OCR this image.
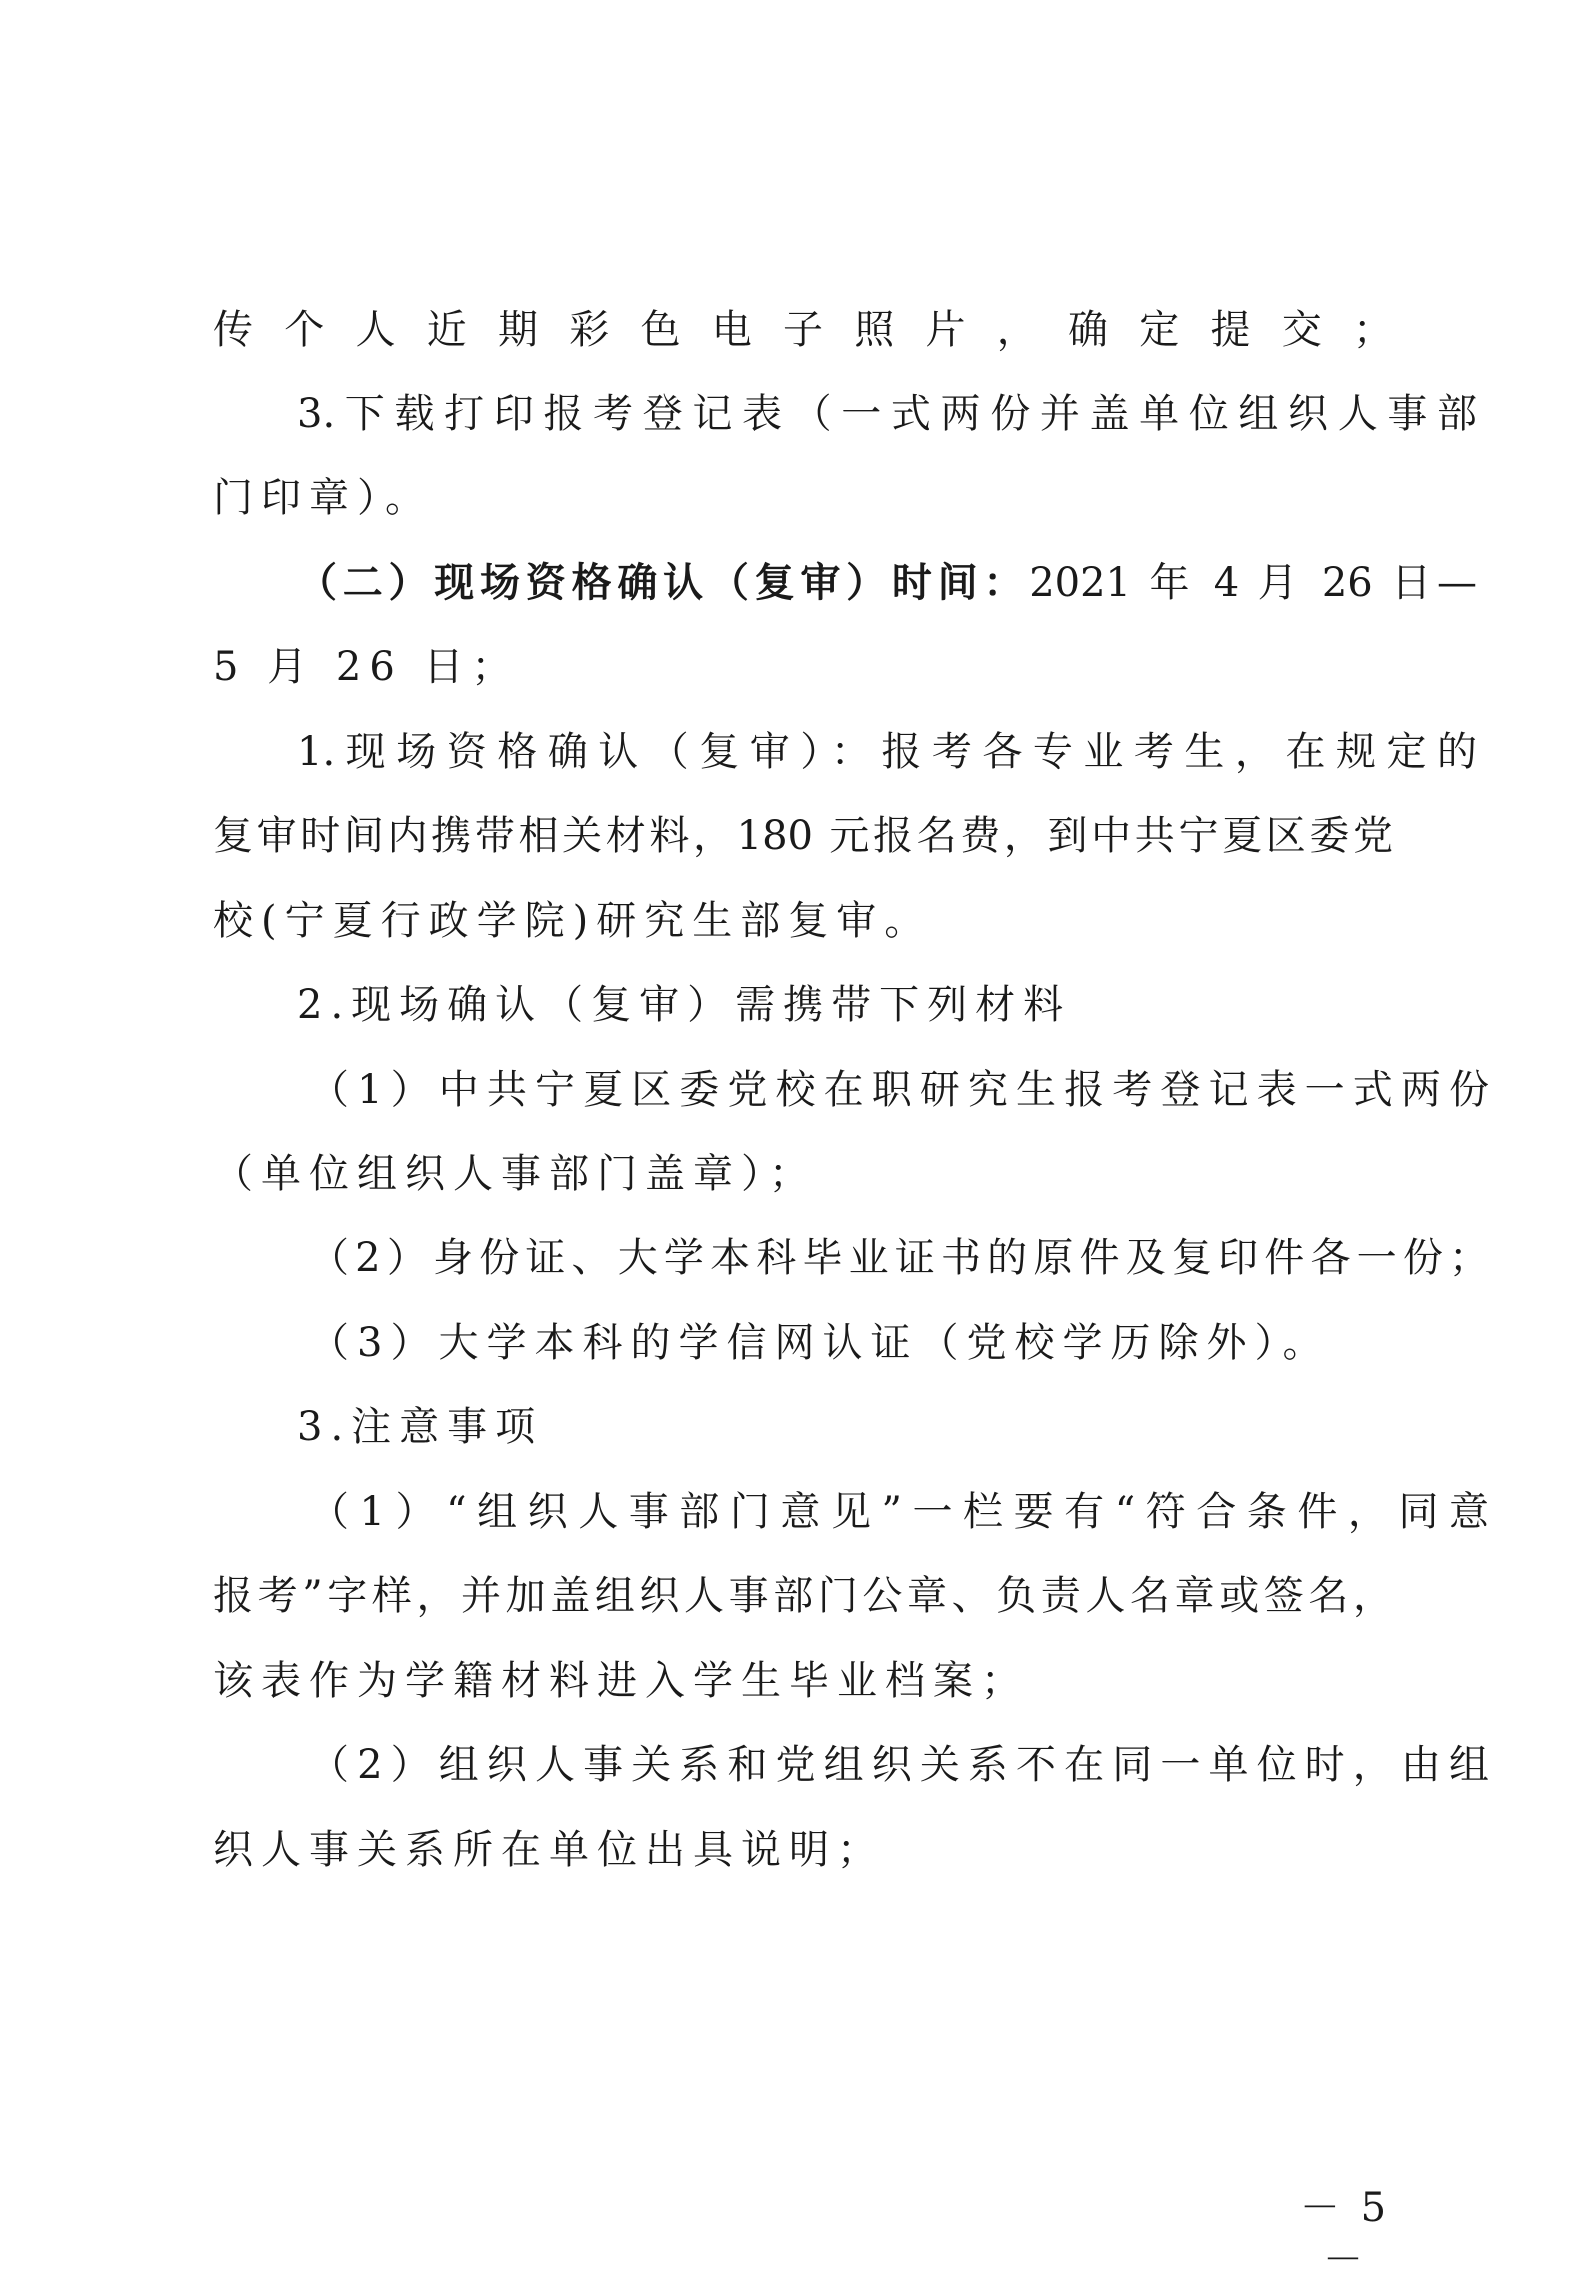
传个人近期彩色电子照片，确定提交；
3.下载打印报考登记表（一式两份并盖单位组织人事部
门印章）。
（二）现场资格确认（复审）时间：2021 年 4 月 26 日—
5 月 26 日；
1.现场资格确认（复审）：报考各专业考生，在规定的
复审时间内携带相关材料，180 元报名费，到中共宁夏区委党
校(宁夏行政学院)研究生部复审。
2.现场确认（复审）需携带下列材料
（1）中共宁夏区委党校在职研究生报考登记表一式两份
（单位组织人事部门盖章）；
（2）身份证、大学本科毕业证书的原件及复印件各一份；
（3）大学本科的学信网认证（党校学历除外）。
3.注意事项
（1）“组织人事部门意见”一栏要有“符合条件，同意
报考”字样，并加盖组织人事部门公章、负责人名章或签名，
该表作为学籍材料进入学生毕业档案；
（2）组织人事关系和党组织关系不在同一单位时，由组
织人事关系所在单位出具说明；
－ 5 －
